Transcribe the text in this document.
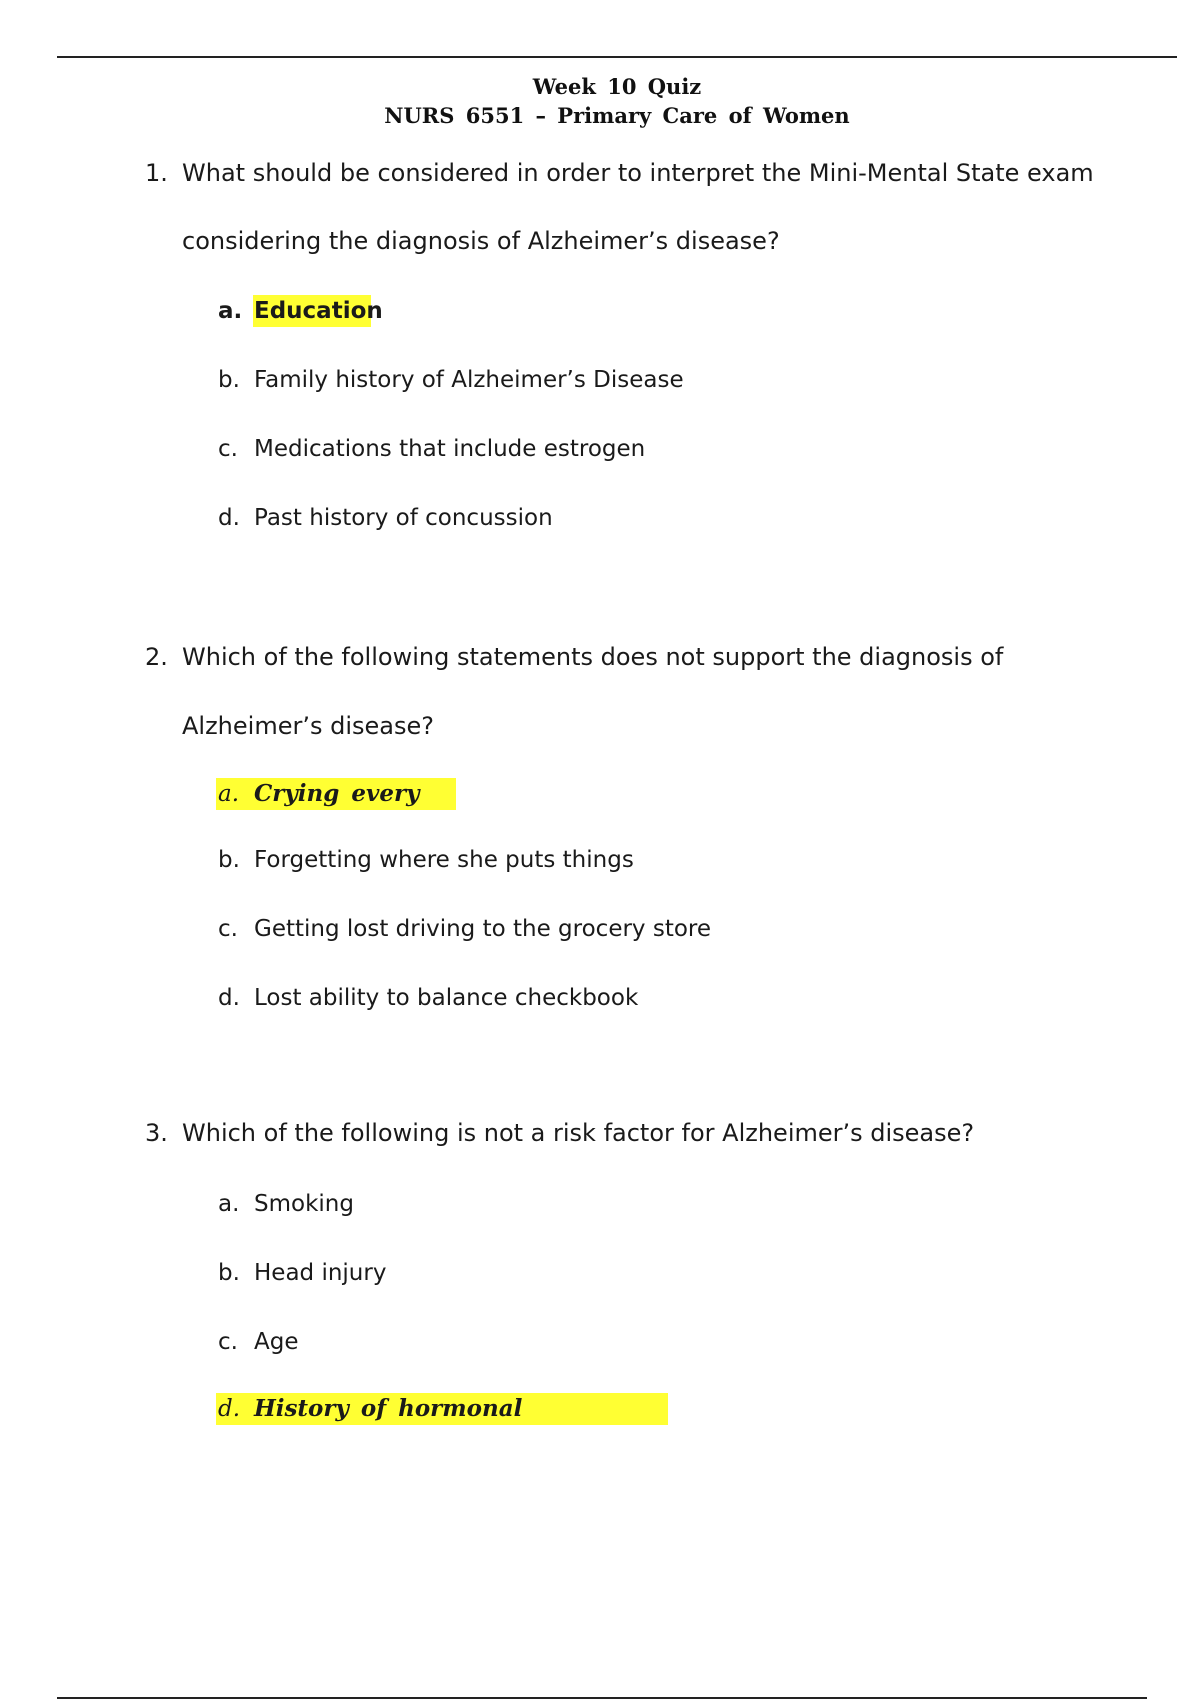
Week 10 Quiz
NURS 6551 – Primary Care of Women
1. What should be considered in order to interpret the Mini-Mental State exam
considering the diagnosis of Alzheimer’s disease?
a. Education
b. Family history of Alzheimer’s Disease
c. Medications that include estrogen
d. Past history of concussion
2. Which of the following statements does not support the diagnosis of
Alzheimer’s disease?
a. Crying every
b. Forgetting where she puts things
c. Getting lost driving to the grocery store
d. Lost ability to balance checkbook
3. Which of the following is not a risk factor for Alzheimer’s disease?
a. Smoking
b. Head injury
c. Age
d. History of hormonal
